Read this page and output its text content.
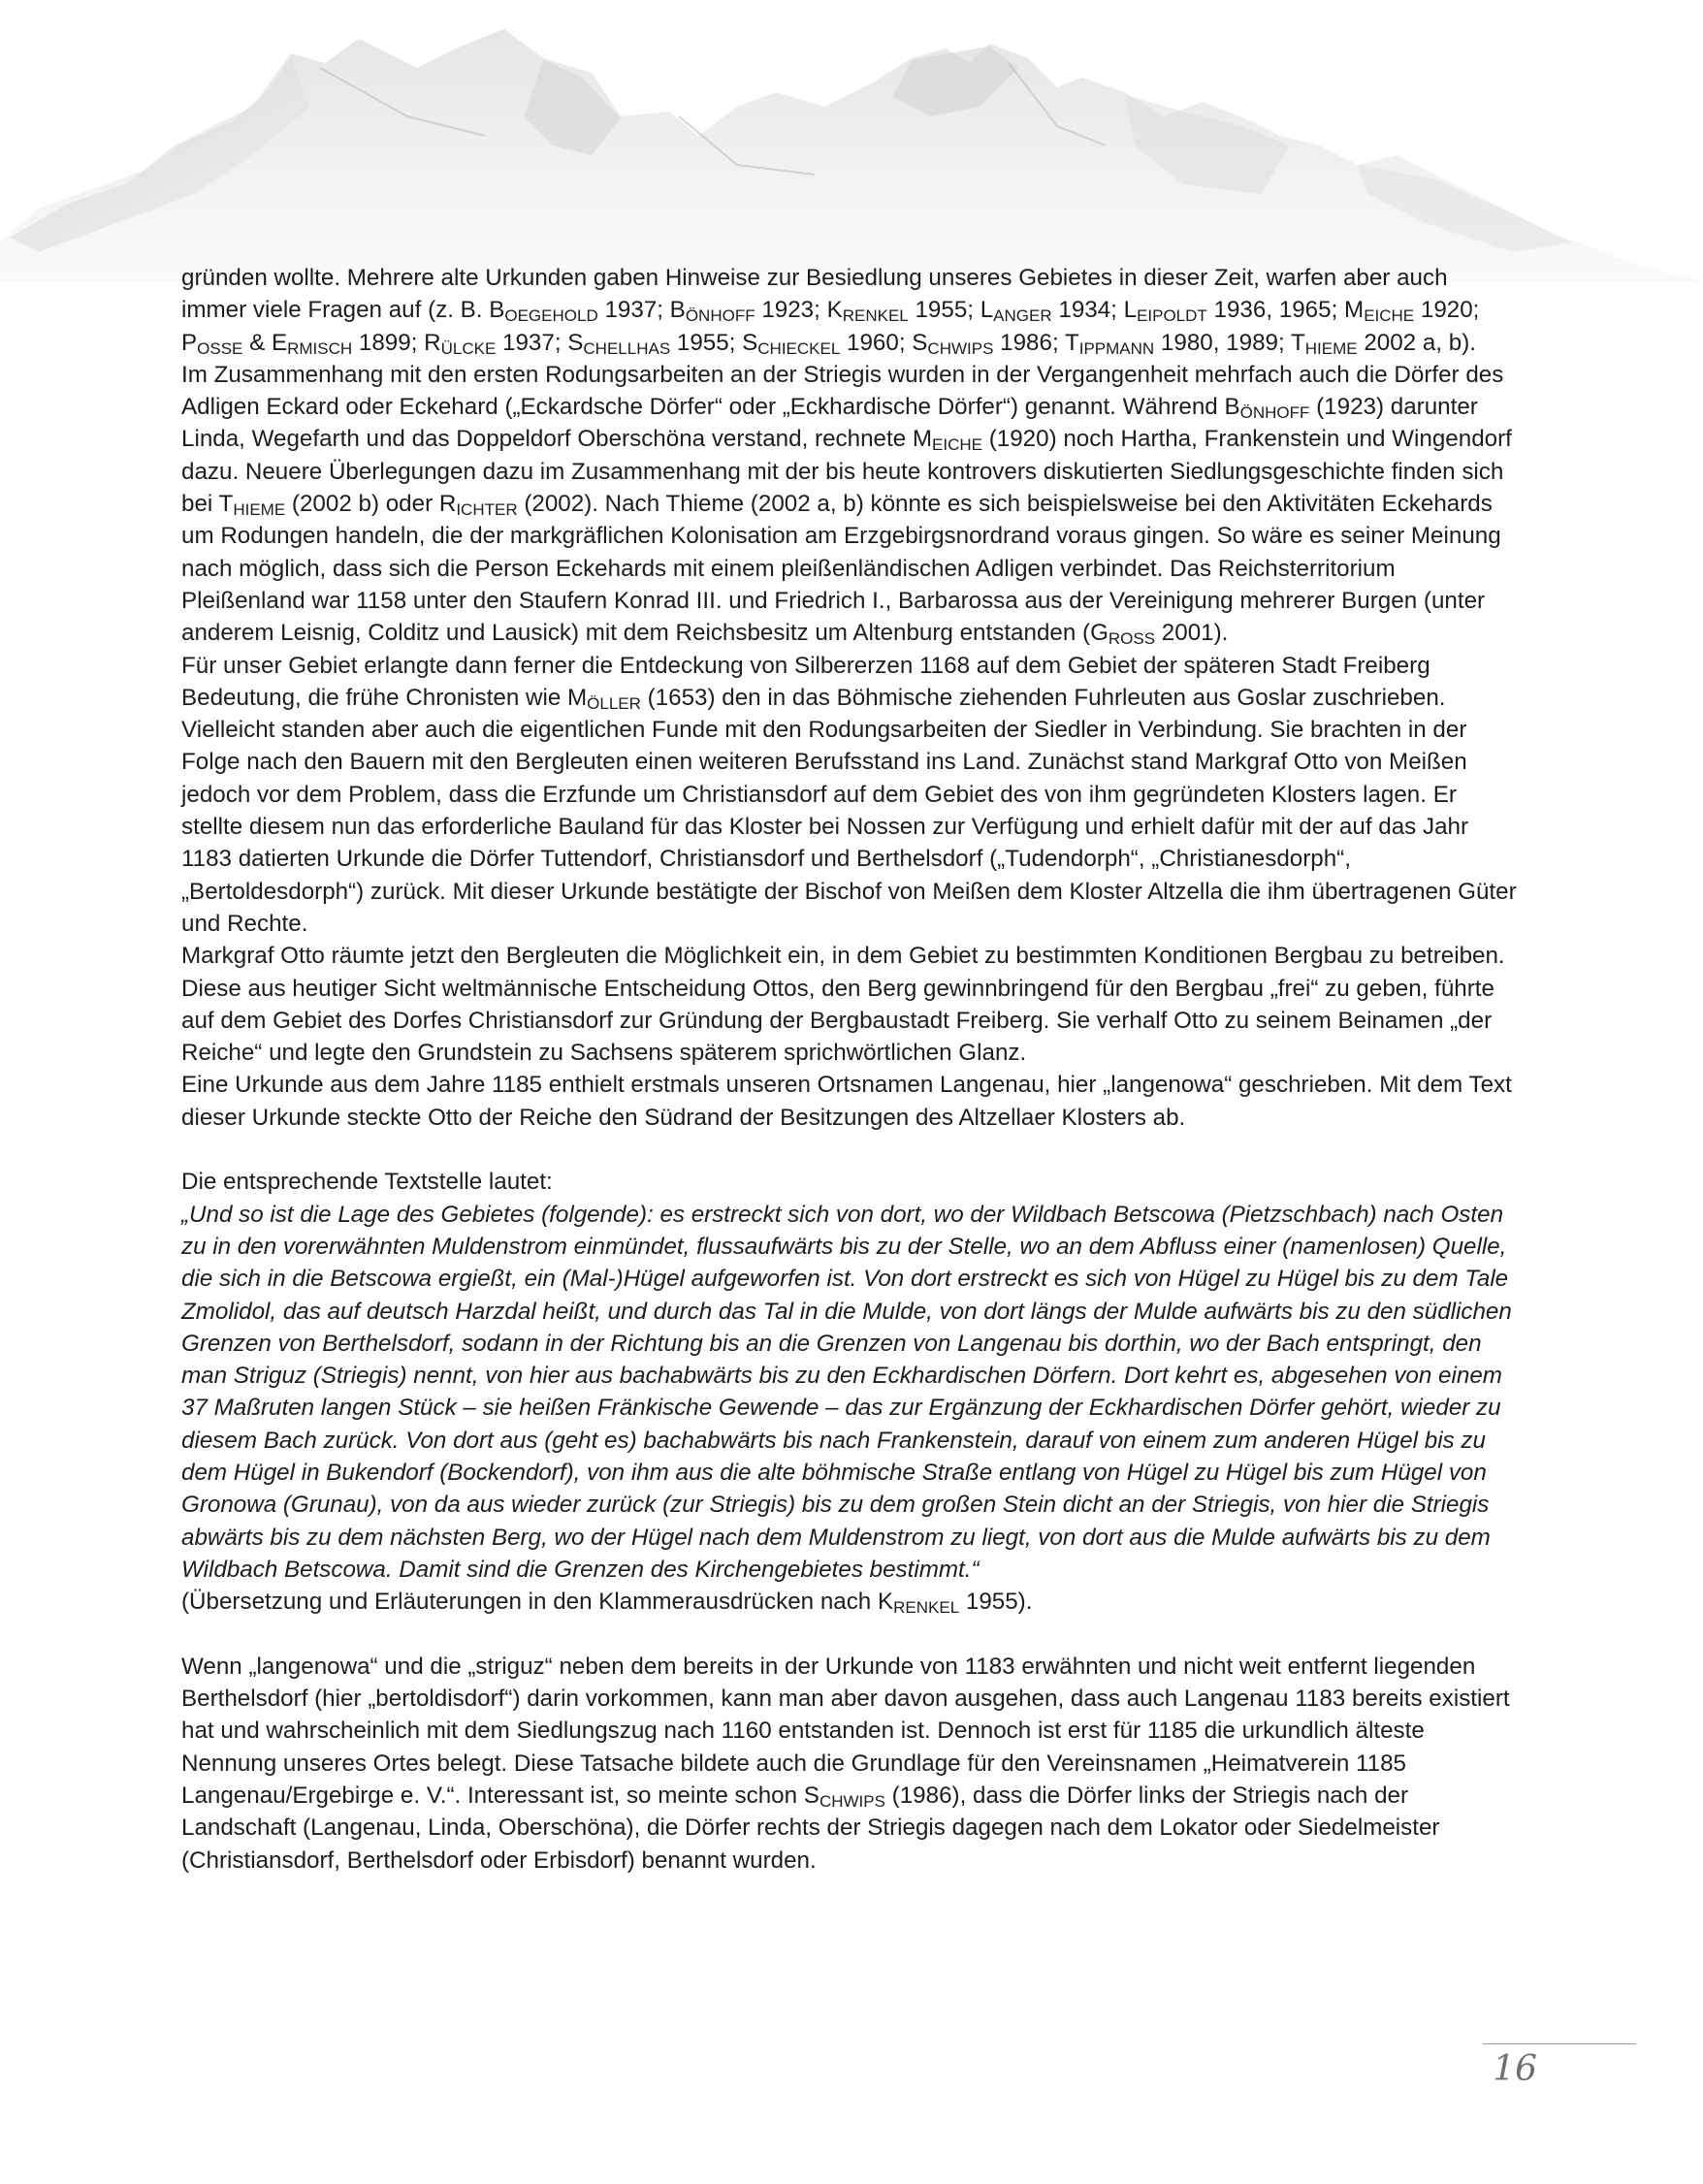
gründen wollte. Mehrere alte Urkunden gaben Hinweise zur Besiedlung unseres Gebietes in dieser Zeit, warfen aber auch immer viele Fragen auf (z. B. BOEGEHOLD 1937; BÖNHOFF 1923; KRENKEL 1955; LANGER 1934; LEIPOLDT 1936, 1965; MEICHE 1920; POSSE & ERMISCH 1899; RÜLCKE 1937; SCHELLHAS 1955; SCHIECKEL 1960; SCHWIPS 1986; TIPPMANN 1980, 1989; THIEME 2002 a, b).

Im Zusammenhang mit den ersten Rodungsarbeiten an der Striegis wurden in der Vergangenheit mehrfach auch die Dörfer des Adligen Eckard oder Eckehard („Eckardsche Dörfer“ oder „Eckhardische Dörfer“) genannt. Während BÖNHOFF (1923) darunter Linda, Wegefarth und das Doppeldorf Oberschöna verstand, rechnete MEICHE (1920) noch Hartha, Frankenstein und Wingendorf dazu. Neuere Überlegungen dazu im Zusammenhang mit der bis heute kontrovers diskutierten Siedlungsgeschichte finden sich bei THIEME (2002 b) oder RICHTER (2002). Nach Thieme (2002 a, b) könnte es sich beispielsweise bei den Aktivitäten Eckehards um Rodungen handeln, die der markgräflichen Kolonisation am Erzgebirgsnordrand voraus gingen. So wäre es seiner Meinung nach möglich, dass sich die Person Eckehards mit einem pleißenländischen Adligen verbindet. Das Reichsterritorium Pleißenland war 1158 unter den Staufern Konrad III. und Friedrich I., Barbarossa aus der Vereinigung mehrerer Burgen (unter anderem Leisnig, Colditz und Lausick) mit dem Reichsbesitz um Altenburg entstanden (GROSS 2001).

Für unser Gebiet erlangte dann ferner die Entdeckung von Silbererzen 1168 auf dem Gebiet der späteren Stadt Freiberg Bedeutung, die frühe Chronisten wie MÖLLER (1653) den in das Böhmische ziehenden Fuhrleuten aus Goslar zuschrieben. Vielleicht standen aber auch die eigentlichen Funde mit den Rodungsarbeiten der Siedler in Verbindung. Sie brachten in der Folge nach den Bauern mit den Bergleuten einen weiteren Berufsstand ins Land. Zunächst stand Markgraf Otto von Meißen jedoch vor dem Problem, dass die Erzfunde um Christiansdorf auf dem Gebiet des von ihm gegründeten Klosters lagen. Er stellte diesem nun das erforderliche Bauland für das Kloster bei Nossen zur Verfügung und erhielt dafür mit der auf das Jahr 1183 datierten Urkunde die Dörfer Tuttendorf, Christiansdorf und Berthelsdorf („Tudendorph“, „Christianesdorph“, „Bertoldesdorph“) zurück. Mit dieser Urkunde bestätigte der Bischof von Meißen dem Kloster Altzella die ihm übertragenen Güter und Rechte.

Markgraf Otto räumte jetzt den Bergleuten die Möglichkeit ein, in dem Gebiet zu bestimmten Konditionen Bergbau zu betreiben. Diese aus heutiger Sicht weltmännische Entscheidung Ottos, den Berg gewinnbringend für den Bergbau „frei“ zu geben, führte auf dem Gebiet des Dorfes Christiansdorf zur Gründung der Bergbaustadt Freiberg. Sie verhalf Otto zu seinem Beinamen „der Reiche“ und legte den Grundstein zu Sachsens späterem sprichwörtlichen Glanz.

Eine Urkunde aus dem Jahre 1185 enthielt erstmals unseren Ortsnamen Langenau, hier „langenowa“ geschrieben. Mit dem Text dieser Urkunde steckte Otto der Reiche den Südrand der Besitzungen des Altzellaer Klosters ab.

Die entsprechende Textstelle lautet:

„Und so ist die Lage des Gebietes (folgende): es erstreckt sich von dort, wo der Wildbach Betscowa (Pietzschbach) nach Osten zu in den vorerwähnten Muldenstrom einmündet, flussaufwärts bis zu der Stelle, wo an dem Abfluss einer (namenlosen) Quelle, die sich in die Betscowa ergießt, ein (Mal-)Hügel aufgeworfen ist. Von dort erstreckt es sich von Hügel zu Hügel bis zu dem Tale Zmolidol, das auf deutsch Harzdal heißt, und durch das Tal in die Mulde, von dort längs der Mulde aufwärts bis zu den südlichen Grenzen von Berthelsdorf, sodann in der Richtung bis an die Grenzen von Langenau bis dorthin, wo der Bach entspringt, den man Striguz (Striegis) nennt, von hier aus bachabwärts bis zu den Eckhardischen Dörfern. Dort kehrt es, abgesehen von einem 37 Maßruten langen Stück – sie heißen Fränkische Gewende – das zur Ergänzung der Eckhardischen Dörfer gehört, wieder zu diesem Bach zurück. Von dort aus (geht es) bachabwärts bis nach Frankenstein, darauf von einem zum anderen Hügel bis zu dem Hügel in Bukendorf (Bockendorf), von ihm aus die alte böhmische Straße entlang von Hügel zu Hügel bis zum Hügel von Gronowa (Grunau), von da aus wieder zurück (zur Striegis) bis zu dem großen Stein dicht an der Striegis, von hier die Striegis abwärts bis zu dem nächsten Berg, wo der Hügel nach dem Muldenstrom zu liegt, von dort aus die Mulde aufwärts bis zu dem Wildbach Betscowa. Damit sind die Grenzen des Kirchengebietes bestimmt.“

(Übersetzung und Erläuterungen in den Klammerausdrücken nach KRENKEL 1955).

Wenn „langenowa“ und die „striguz“ neben dem bereits in der Urkunde von 1183 erwähnten und nicht weit entfernt liegenden Berthelsdorf (hier „bertoldisdorf“) darin vorkommen, kann man aber davon ausgehen, dass auch Langenau 1183 bereits existiert hat und wahrscheinlich mit dem Siedlungszug nach 1160 entstanden ist. Dennoch ist erst für 1185 die urkundlich älteste Nennung unseres Ortes belegt. Diese Tatsache bildete auch die Grundlage für den Vereinsnamen „Heimatverein 1185 Langenau/Ergebirge e. V.“. Interessant ist, so meinte schon SCHWIPS (1986), dass die Dörfer links der Striegis nach der Landschaft (Langenau, Linda, Oberschöna), die Dörfer rechts der Striegis dagegen nach dem Lokator oder Siedelmeister (Christiansdorf, Berthelsdorf oder Erbisdorf) benannt wurden.

16
